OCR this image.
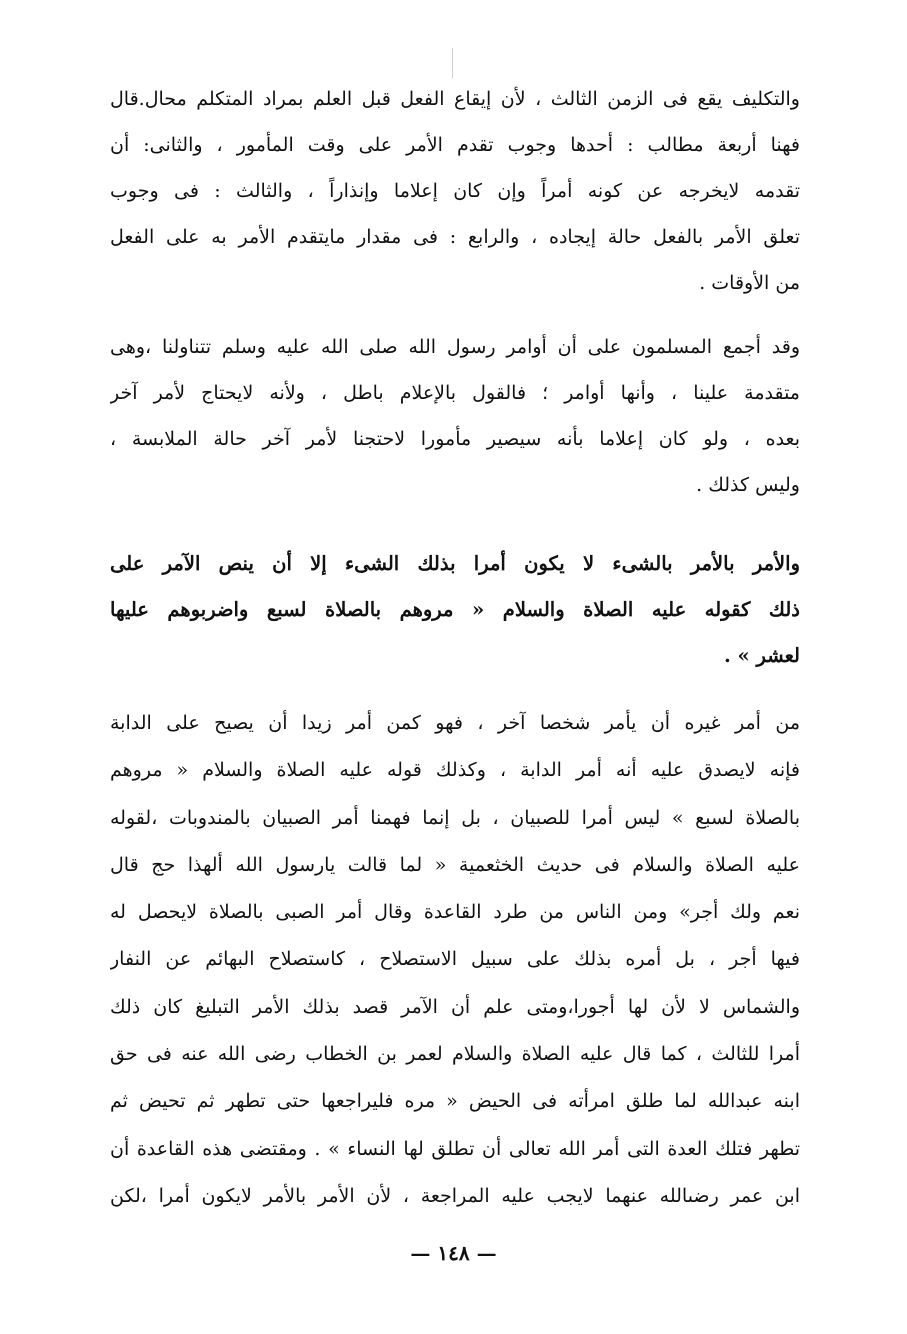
والتكليف يقع فى الزمن الثالث ، لأن إيقاع الفعل قبل العلم بمراد المتكلم محال.قال
فهنا أربعة مطالب : أحدها وجوب تقدم الأمر على وقت المأمور ، والثانى: أن
تقدمه لايخرجه عن كونه أمراً وإن كان إعلاما وإنذاراً ، والثالث : فى وجوب
تعلق الأمر بالفعل حالة إيجاده ، والرابع : فى مقدار مايتقدم الأمر به على الفعل
من الأوقات .
وقد أجمع المسلمون على أن أوامر رسول الله صلى الله عليه وسلم تتناولنا ،وهى
متقدمة علينا ، وأنها أوامر ؛ فالقول بالإعلام باطل ، ولأنه لايحتاج لأمر آخر
بعده ، ولو كان إعلاما بأنه سيصير مأمورا لاحتجنا لأمر آخر حالة الملابسة ،
وليس كذلك .
والأمر بالأمر بالشىء لا يكون أمرا بذلك الشىء إلا أن ينص الآمر على
ذلك كقوله عليه الصلاة والسلام « مروهم بالصلاة لسبع واضربوهم عليها
لعشر » .
من أمر غيره أن يأمر شخصا آخر ، فهو كمن أمر زيدا أن يصيح على الدابة
فإنه لايصدق عليه أنه أمر الدابة ، وكذلك قوله عليه الصلاة والسلام « مروهم
بالصلاة لسبع » ليس أمرا للصبيان ، بل إنما فهمنا أمر الصبيان بالمندوبات ،لقوله
عليه الصلاة والسلام فى حديث الخثعمية « لما قالت يارسول الله ألهذا حج قال
نعم ولك أجر» ومن الناس من طرد القاعدة وقال أمر الصبى بالصلاة لايحصل له
فيها أجر ، بل أمره بذلك على سبيل الاستصلاح ، كاستصلاح البهائم عن النفار
والشماس لا لأن لها أجورا،ومتى علم أن الآمر قصد بذلك الأمر التبليغ كان ذلك
أمرا للثالث ، كما قال عليه الصلاة والسلام لعمر بن الخطاب رضى الله عنه فى حق
ابنه عبدالله لما طلق امرأته فى الحيض « مره فليراجعها حتى تطهر ثم تحيض ثم
تطهر فتلك العدة التى أمر الله تعالى أن تطلق لها النساء » . ومقتضى هذه القاعدة أن
ابن عمر رضىالله عنهما لايجب عليه المراجعة ، لأن الأمر بالأمر لايكون أمرا ،لكن
— ١٤٨ —
